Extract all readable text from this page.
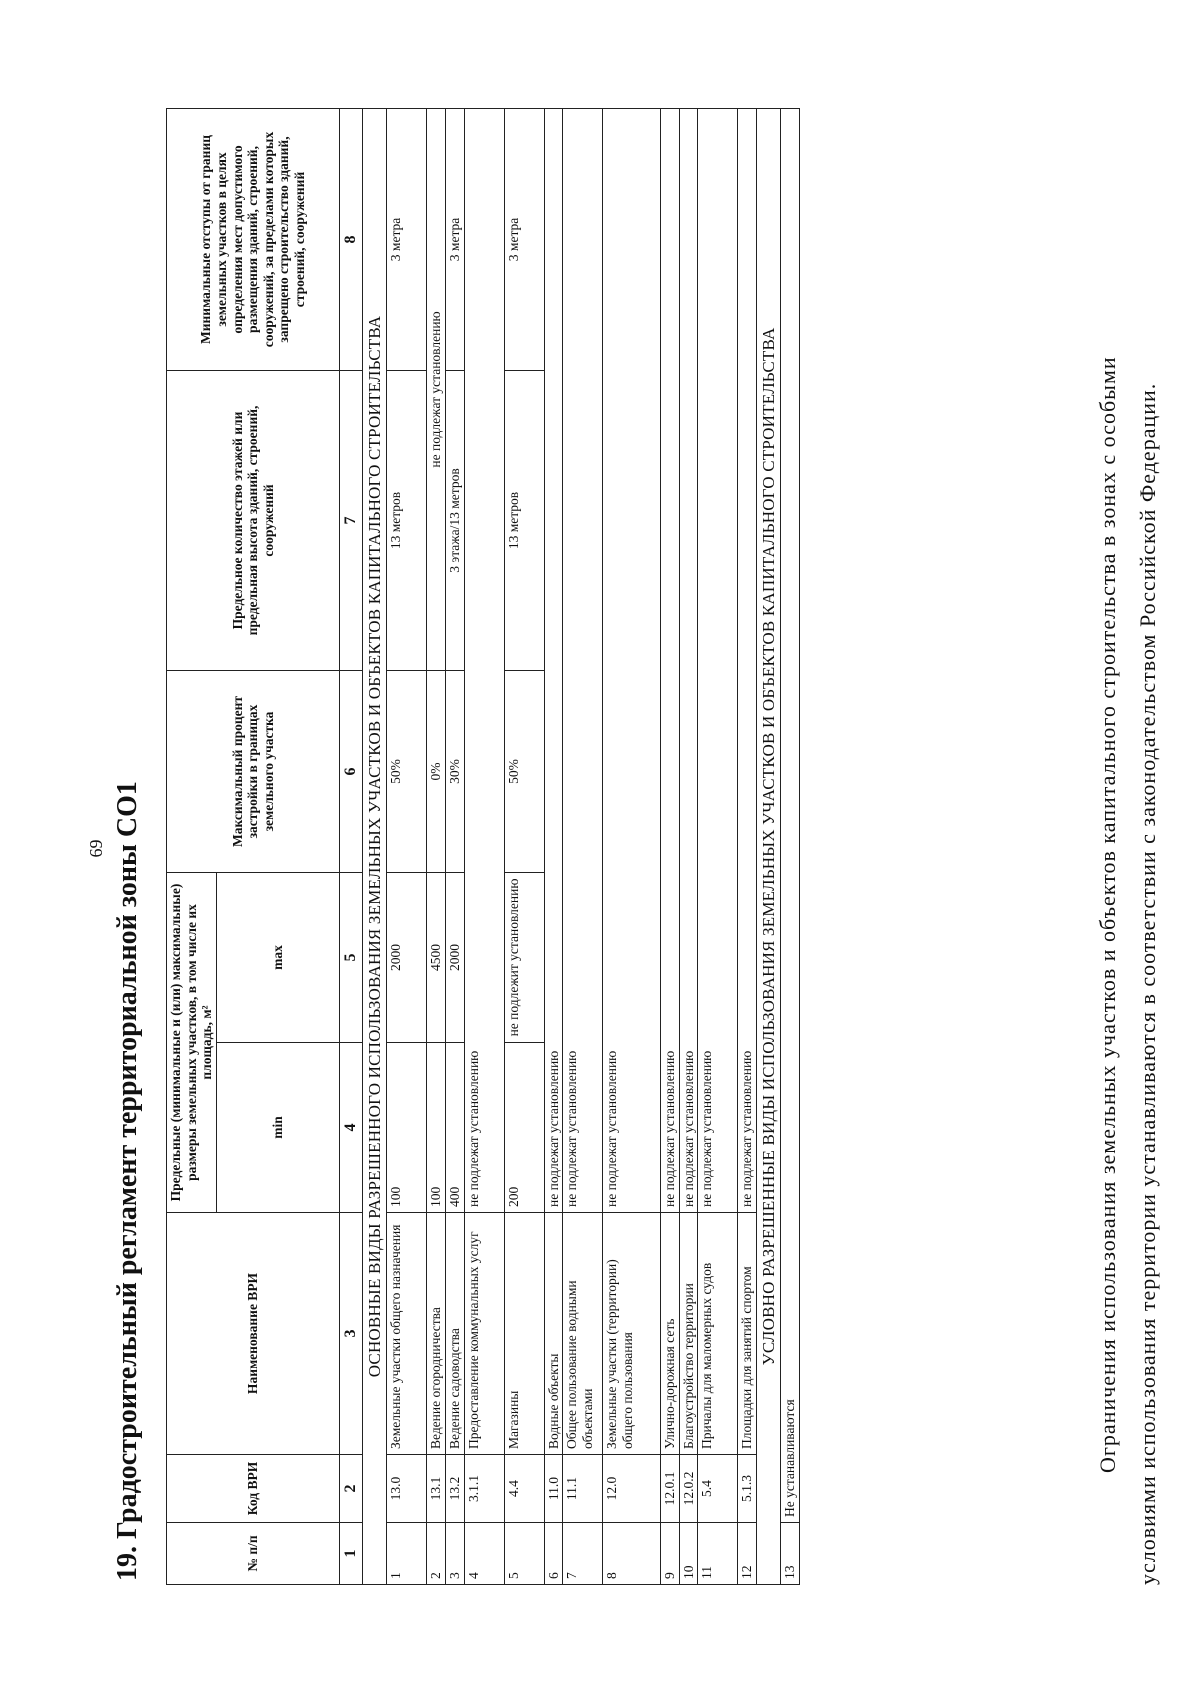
69 19. Градостроительный регламент территориальной зоны СО1	№ п/п	Код ВРИ	Наименование ВРИ	Предельные (минимальные и (или) максимальные) размеры земельных участков, в том числе их площадь, м²		Максимальный процент застройки в границах земельного участка	Предельное количество этажей или предельная высота зданий, строений, сооружений	Минимальные отступы от границ земельных участков в целях определения мест допустимого размещения зданий, строений, сооружений, за пределами которых запрещено строительство зданий, строений, сооружений
			min	max			
1	2	3	4	5	6	7	8
ОСНОВНЫЕ ВИДЫ РАЗРЕШЕННОГО ИСПОЛЬЗОВАНИЯ ЗЕМЕЛЬНЫХ УЧАСТКОВ И ОБЪЕКТОВ КАПИТАЛЬНОГО СТРОИТЕЛЬСТВА							
1	13.0	Земельные участки общего назначения	100	2000	50%	13 метров	3 метра
2	13.1	Ведение огородничества	100	4500	0%	не подлежат установлению	
3	13.2	Ведение садоводства	400	2000	30%	3 этажа/13 метров	3 метра
4	3.1.1	Предоставление коммунальных услуг	не подлежат установлению				
5	4.4	Магазины	200	не подлежит установлению	50%	13 метров	3 метра
6	11.0	Водные объекты	не подлежат установлению				
7	11.1	Общее пользование водными объектами	не подлежат установлению				
8	12.0	Земельные участки (территории) общего пользования	не подлежат установлению				
9	12.0.1	Улично-дорожная сеть	не подлежат установлению				
10	12.0.2	Благоустройство территории	не подлежат установлению				
11	5.4	Причалы для маломерных судов	не подлежат установлению				
12	5.1.3	Площадки для занятий спортом	не подлежат установлению				
УСЛОВНО РАЗРЕШЕННЫЕ ВИДЫ ИСПОЛЬЗОВАНИЯ ЗЕМЕЛЬНЫХ УЧАСТКОВ И ОБЪЕКТОВ КАПИТАЛЬНОГО СТРОИТЕЛЬСТВА							
13	Не устанавливаются							Ограничения использования земельных участков и объектов капитального строительства в зонах с особыми условиями использования территории устанавливаются в соответствии с законодательством Российской Федерации.
